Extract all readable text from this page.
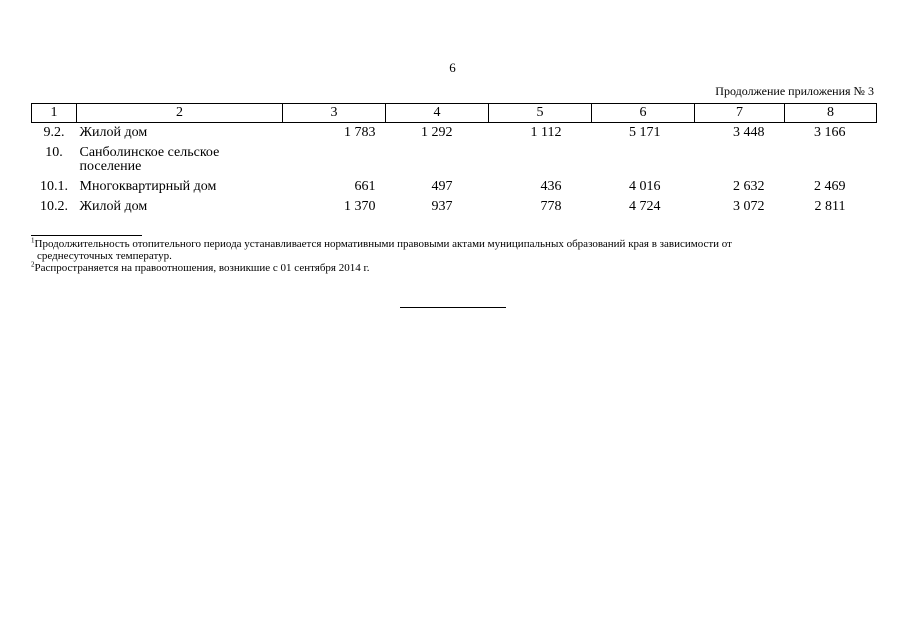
6
Продолжение приложения № 3
1	2	3	4	5	6	7	8
9.2.	Жилой дом	1 783	1 292	1 112	5 171	3 448	3 166
10.	Санболинское сельское поселение						
10.1.	Многоквартирный дом	661	497	436	4 016	2 632	2 469
10.2.	Жилой дом	1 370	937	778	4 724	3 072	2 811

$^1$Продолжительность отопительного периода устанавливается нормативными правовыми актами муниципальных образований края в зависимости от
среднесуточных температур.

$^2$Распространяется на правоотношения, возникшие с 01 сентября 2014 г.
